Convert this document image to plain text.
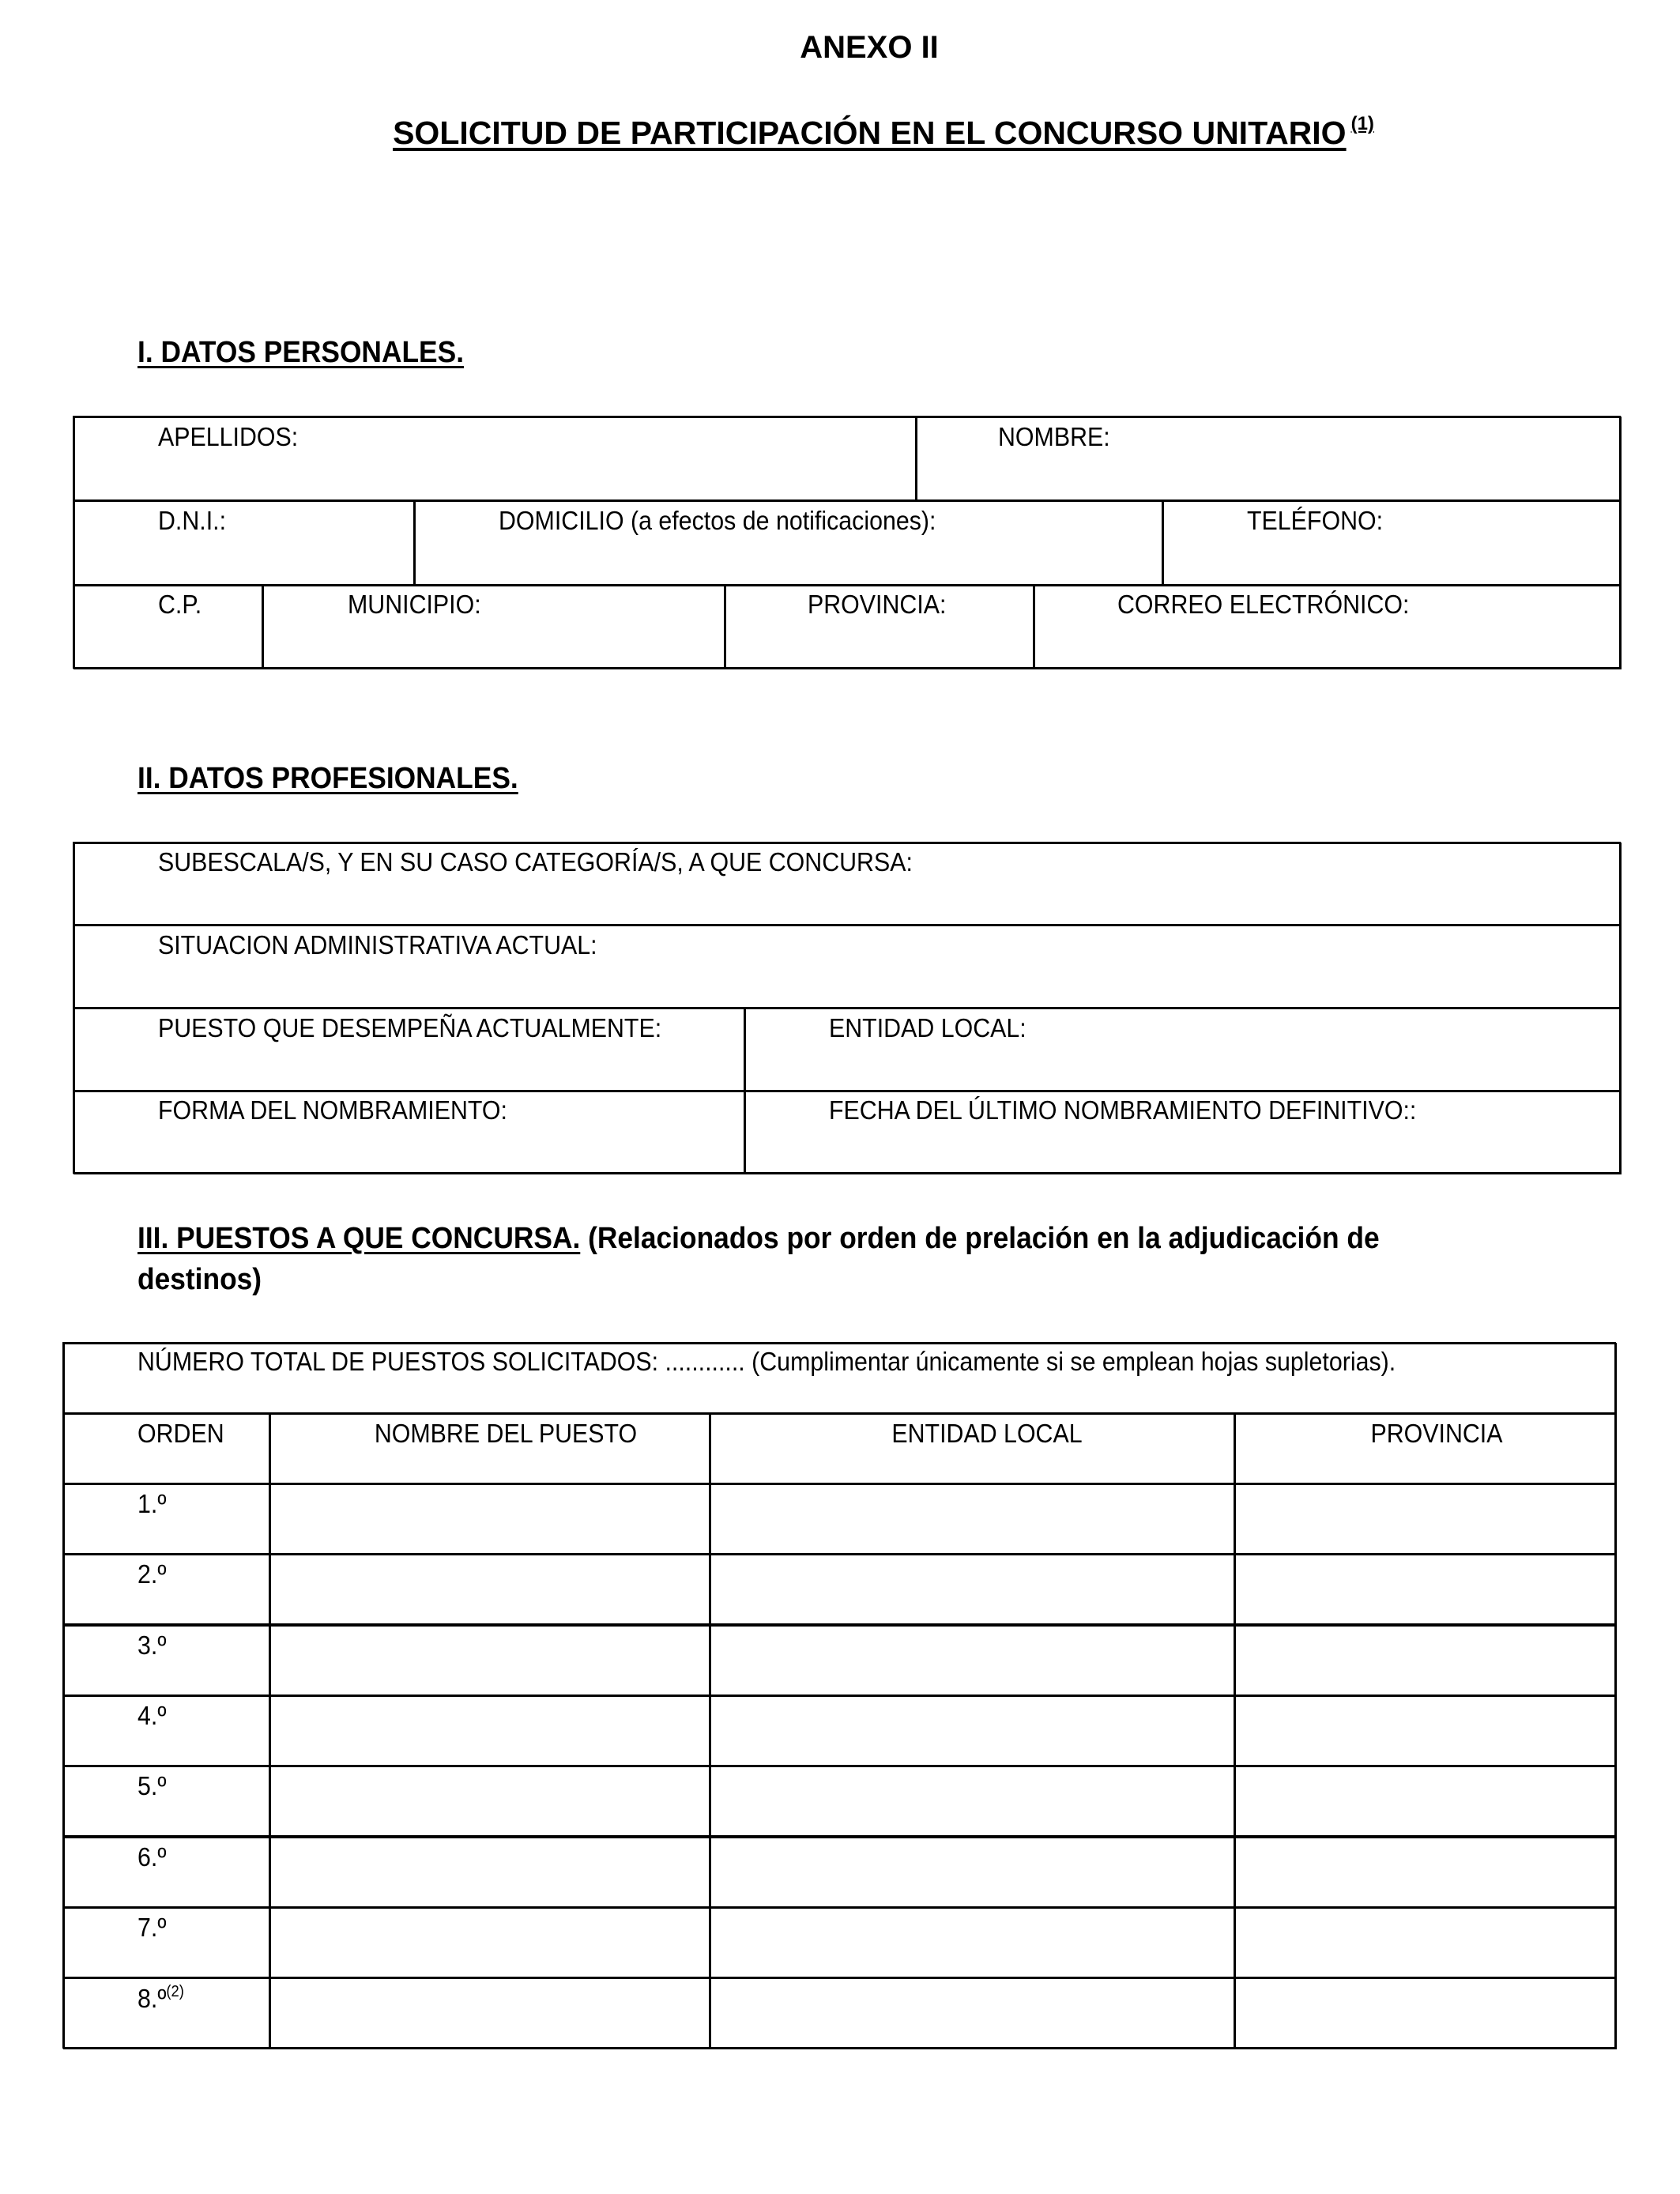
ANEXO II
SOLICITUD DE PARTICIPACIÓN EN EL CONCURSO UNITARIO $^{(1)}$
I. DATOS PERSONALES.
APELLIDOS:	NOMBRE:
D.N.I.:	DOMICILIO (a efectos de notificaciones):	TELÉFONO:
C.P.	MUNICIPIO:	PROVINCIA:	CORREO ELECTRÓNICO:
II. DATOS PROFESIONALES.
SUBESCALA/S, Y EN SU CASO CATEGORÍA/S, A QUE CONCURSA:
SITUACION ADMINISTRATIVA ACTUAL:
PUESTO QUE DESEMPEÑA ACTUALMENTE:	ENTIDAD LOCAL:
FORMA DEL NOMBRAMIENTO:	FECHA DEL ÚLTIMO NOMBRAMIENTO DEFINITIVO::
III. PUESTOS A QUE CONCURSA. (Relacionados por orden de prelación en la adjudicación de destinos)
NÚMERO TOTAL DE PUESTOS SOLICITADOS: ............ (Cumplimentar únicamente si se emplean hojas supletorias).
ORDEN	NOMBRE DEL PUESTO	ENTIDAD LOCAL	PROVINCIA
1.º
2.º
3.º
4.º
5.º
6.º
7.º
8.º$^{(2)}$
